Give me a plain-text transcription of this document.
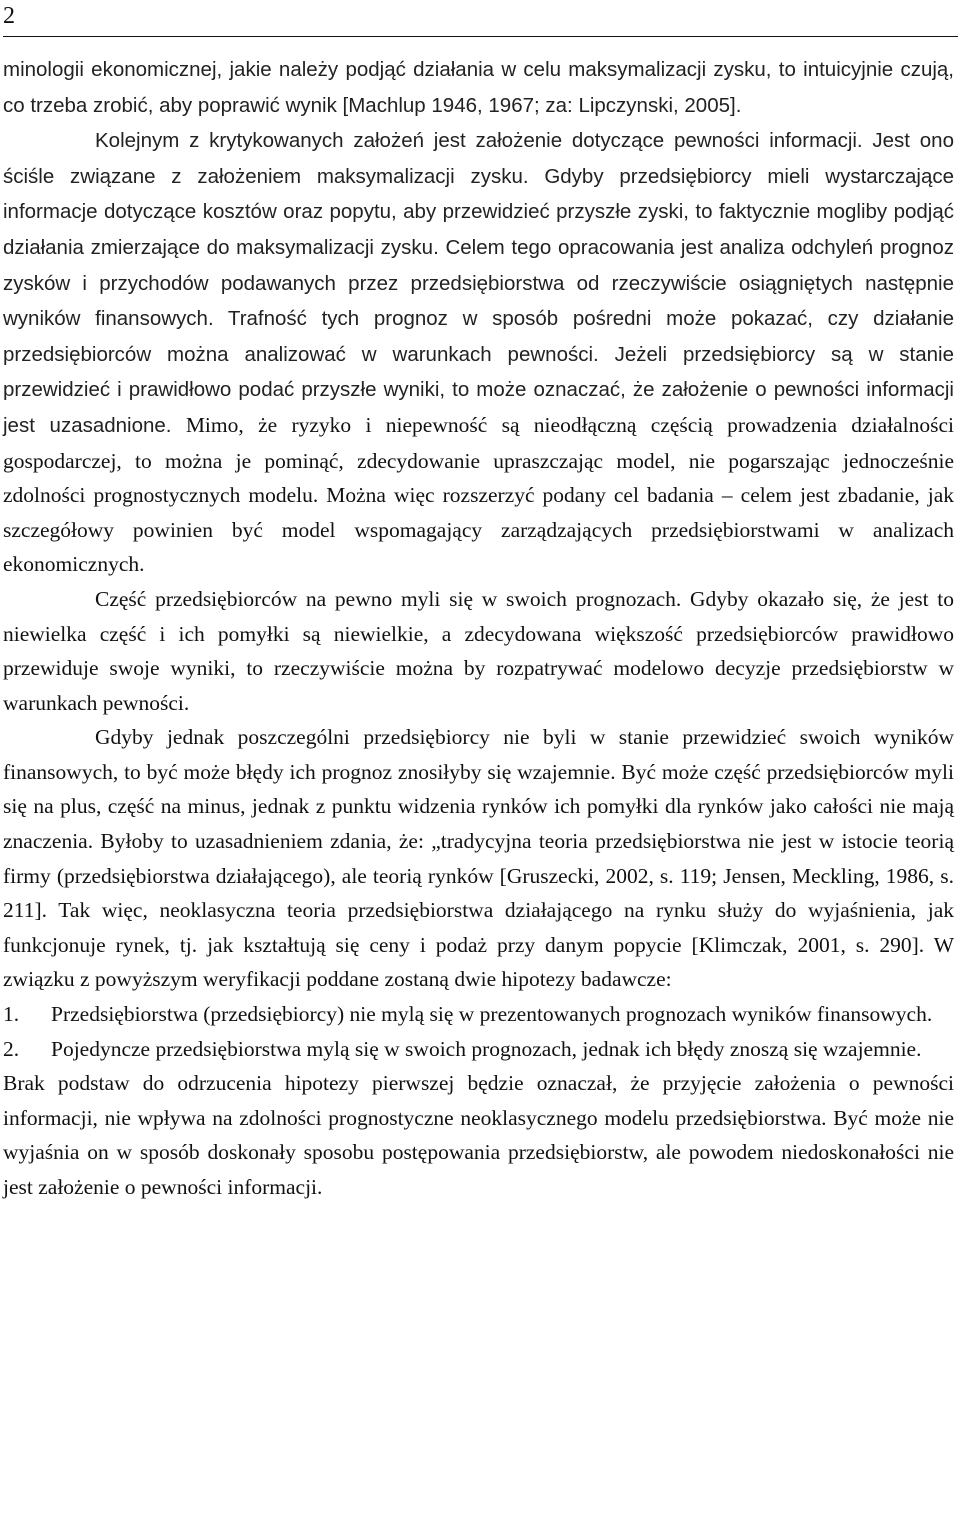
2

minologii ekonomicznej, jakie należy podjąć działania w celu maksymalizacji zysku, to intuicyjnie czują, co trzeba zrobić, aby poprawić wynik [Machlup 1946, 1967; za: Lipczynski, 2005].

Kolejnym z krytykowanych założeń jest założenie dotyczące pewności informacji. Jest ono ściśle związane z założeniem maksymalizacji zysku. Gdyby przedsiębiorcy mieli wystarczające informacje dotyczące kosztów oraz popytu, aby przewidzieć przyszłe zyski, to faktycznie mogliby podjąć działania zmierzające do maksymalizacji zysku. Celem tego opracowania jest analiza odchyleń prognoz zysków i przychodów podawanych przez przedsiębiorstwa od rzeczywiście osiągniętych następnie wyników finansowych. Trafność tych prognoz w sposób pośredni może pokazać, czy działanie przedsiębiorców można analizować w warunkach pewności. Jeżeli przedsiębiorcy są w stanie przewidzieć i prawidłowo podać przyszłe wyniki, to może oznaczać, że założenie o pewności informacji jest uzasadnione. Mimo, że ryzyko i niepewność są nieodłączną częścią prowadzenia działalności gospodarczej, to można je pominąć, zdecydowanie upraszczając model, nie pogarszając jednocześnie zdolności prognostycznych modelu. Można więc rozszerzyć podany cel badania – celem jest zbadanie, jak szczegółowy powinien być model wspomagający zarządzających przedsiębiorstwami w analizach ekonomicznych.

Część przedsiębiorców na pewno myli się w swoich prognozach. Gdyby okazało się, że jest to niewielka część i ich pomyłki są niewielkie, a zdecydowana większość przedsiębiorców prawidłowo przewiduje swoje wyniki, to rzeczywiście można by rozpatrywać modelowo decyzje przedsiębiorstw w warunkach pewności.

Gdyby jednak poszczególni przedsiębiorcy nie byli w stanie przewidzieć swoich wyników finansowych, to być może błędy ich prognoz znosiłyby się wzajemnie. Być może część przedsiębiorców myli się na plus, część na minus, jednak z punktu widzenia rynków ich pomyłki dla rynków jako całości nie mają znaczenia. Byłoby to uzasadnieniem zdania, że: „tradycyjna teoria przedsiębiorstwa nie jest w istocie teorią firmy (przedsiębiorstwa działającego), ale teorią rynków [Gruszecki, 2002, s. 119; Jensen, Meckling, 1986, s. 211]. Tak więc, neoklasyczna teoria przedsiębiorstwa działającego na rynku służy do wyjaśnienia, jak funkcjonuje rynek, tj. jak kształtują się ceny i podaż przy danym popycie [Klimczak, 2001, s. 290]. W związku z powyższym weryfikacji poddane zostaną dwie hipotezy badawcze:

1. Przedsiębiorstwa (przedsiębiorcy) nie mylą się w prezentowanych prognozach wyników finansowych.
2. Pojedyncze przedsiębiorstwa mylą się w swoich prognozach, jednak ich błędy znoszą się wzajemnie.

Brak podstaw do odrzucenia hipotezy pierwszej będzie oznaczał, że przyjęcie założenia o pewności informacji, nie wpływa na zdolności prognostyczne neoklasycznego modelu przedsiębiorstwa. Być może nie wyjaśnia on w sposób doskonały sposobu postępowania przedsiębiorstw, ale powodem niedoskonałości nie jest założenie o pewności informacji.
